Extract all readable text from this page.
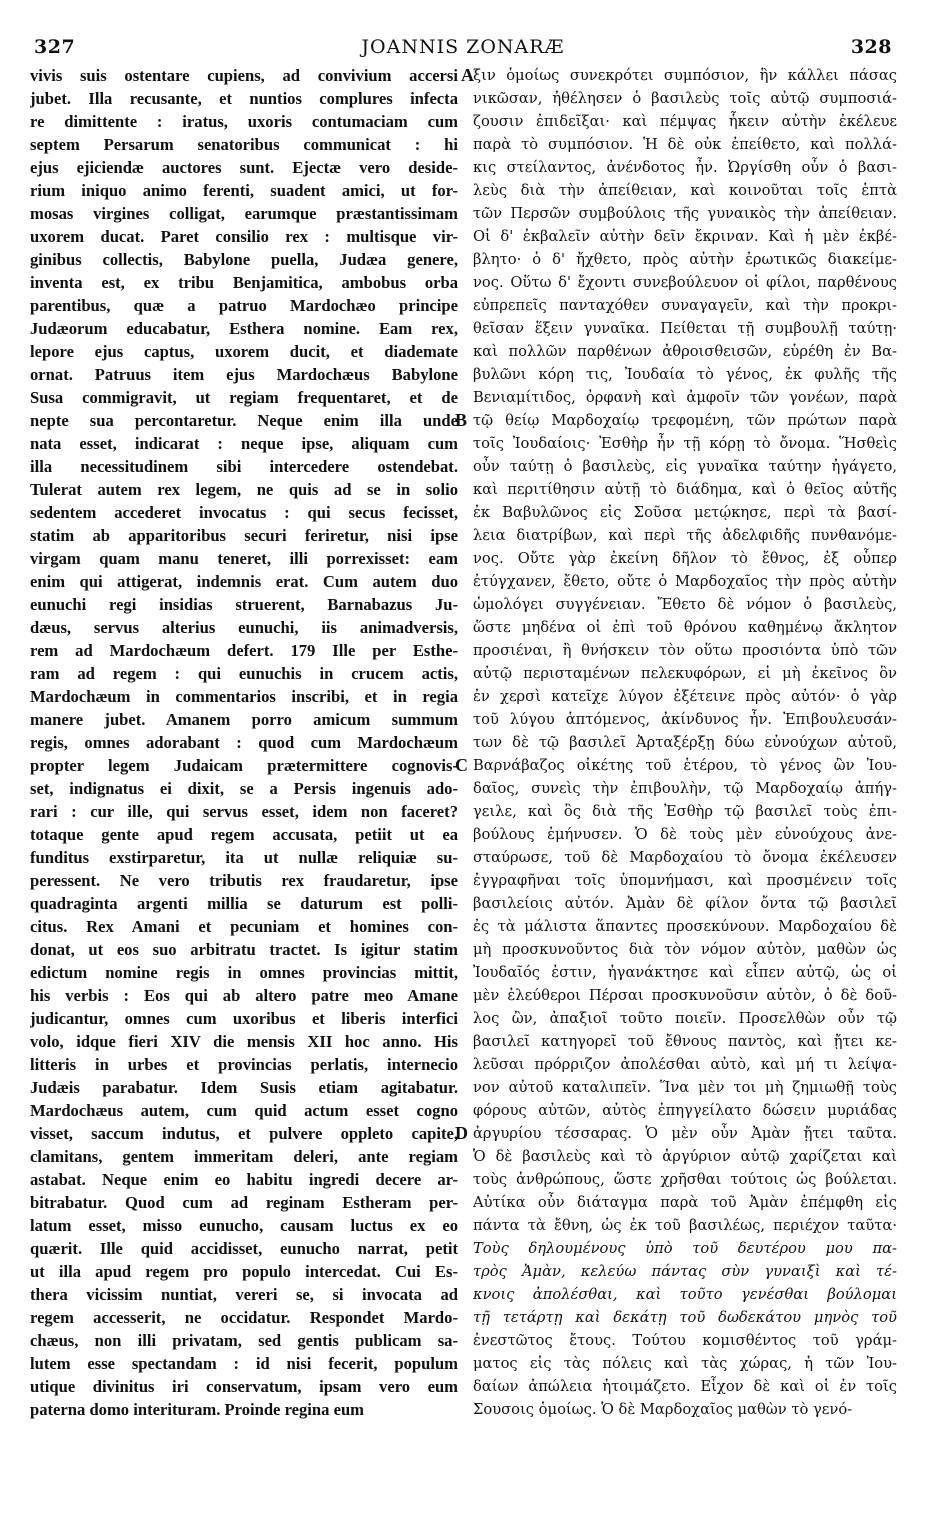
327	JOANNIS ZONARÆ	328
A
B
C
D
vivis suis ostentare cupiens, ad convivium accersi
jubet. Illa recusante, et nuntios complures infecta
re dimittente : iratus, uxoris contumaciam cum
septem Persarum senatoribus communicat : hi
ejus ejiciendæ auctores sunt. Ejectæ vero deside-
rium iniquo animo ferenti, suadent amici, ut for-
mosas virgines colligat, earumque præstantissimam
uxorem ducat. Paret consilio rex : multisque vir-
ginibus collectis, Babylone puella, Judæa genere,
inventa est, ex tribu Benjamitica, ambobus orba
parentibus, quæ a patruo Mardochæo principe
Judæorum educabatur, Esthera nomine. Eam rex,
lepore ejus captus, uxorem ducit, et diademate
ornat. Patruus item ejus Mardochæus Babylone
Susa commigravit, ut regiam frequentaret, et de
nepte sua percontaretur. Neque enim illa unde
nata esset, indicarat : neque ipse, aliquam cum
illa necessitudinem sibi intercedere ostendebat.
Tulerat autem rex legem, ne quis ad se in solio
sedentem accederet invocatus : qui secus fecisset,
statim ab apparitoribus securi feriretur, nisi ipse
virgam quam manu teneret, illi porrexisset: eam
enim qui attigerat, indemnis erat. Cum autem duo
eunuchi regi insidias struerent, Barnabazus Ju-
dæus, servus alterius eunuchi, iis animadversis,
rem ad Mardochæum defert. 179 Ille per Esthe-
ram ad regem : qui eunuchis in crucem actis,
Mardochæum in commentarios inscribi, et in regia
manere jubet. Amanem porro amicum summum
regis, omnes adorabant : quod cum Mardochæum
propter legem Judaicam prætermittere cognovis-
set, indignatus ei dixit, se a Persis ingenuis ado-
rari : cur ille, qui servus esset, idem non faceret?
totaque gente apud regem accusata, petiit ut ea
funditus exstirparetur, ita ut nullæ reliquiæ su-
peressent. Ne vero tributis rex fraudaretur, ipse
quadraginta argenti millia se daturum est polli-
citus. Rex Amani et pecuniam et homines con-
donat, ut eos suo arbitratu tractet. Is igitur statim
edictum nomine regis in omnes provincias mittit,
his verbis : Eos qui ab altero patre meo Amane
judicantur, omnes cum uxoribus et liberis interfici
volo, idque fieri XIV die mensis XII hoc anno. His
litteris in urbes et provincias perlatis, internecio
Judæis parabatur. Idem Susis etiam agitabatur.
Mardochæus autem, cum quid actum esset cogno
visset, saccum indutus, et pulvere oppleto capite,
clamitans, gentem immeritam deleri, ante regiam
astabat. Neque enim eo habitu ingredi decere ar-
bitrabatur. Quod cum ad reginam Estheram per-
latum esset, misso eunucho, causam luctus ex eo
quærit. Ille quid accidisset, eunucho narrat, petit
ut illa apud regem pro populo intercedat. Cui Es-
thera vicissim nuntiat, vereri se, si invocata ad
regem accesserit, ne occidatur. Respondet Mardo-
chæus, non illi privatam, sed gentis publicam sa-
lutem esse spectandam : id nisi fecerit, populum
utique divinitus iri conservatum, ipsam vero eum
paterna domo interituram. Proinde regina eum
ξιν ὁμοίως συνεκρότει συμπόσιον, ἣν κάλλει πάσας
νικῶσαν, ἠθέλησεν ὁ βασιλεὺς τοῖς αὐτῷ συμποσιά-
ζουσιν ἐπιδεῖξαι· καὶ πέμψας ἧκειν αὐτὴν ἐκέλευε
παρὰ τὸ συμπόσιον. Ἡ δὲ οὐκ ἐπείθετο, καὶ πολλά-
κις στείλαντος, ἀνένδοτος ἦν. Ὠργίσθη οὖν ὁ βασι-
λεὺς διὰ τὴν ἀπείθειαν, καὶ κοινοῦται τοῖς ἑπτὰ
τῶν Περσῶν συμβούλοις τῆς γυναικὸς τὴν ἀπείθειαν.
Οἱ δ' ἐκβαλεῖν αὐτὴν δεῖν ἔκριναν. Καὶ ἡ μὲν ἐκβέ-
βλητο· ὁ δ' ἤχθετο, πρὸς αὐτὴν ἐρωτικῶς διακείμε-
νος. Οὕτω δ' ἔχοντι συνεβούλευον οἱ φίλοι, παρθένους
εὐπρεπεῖς πανταχόθεν συναγαγεῖν, καὶ τὴν προκρι-
θεῖσαν ἕξειν γυναῖκα. Πείθεται τῇ συμβουλῇ ταύτῃ·
καὶ πολλῶν παρθένων ἀθροισθεισῶν, εὑρέθη ἐν Βα-
βυλῶνι κόρη τις, Ἰουδαία τὸ γένος, ἐκ φυλῆς τῆς
Βενιαμίτιδος, ὀρφανὴ καὶ ἀμφοῖν τῶν γονέων, παρὰ
τῷ θείῳ Μαρδοχαίῳ τρεφομένη, τῶν πρώτων παρὰ
τοῖς Ἰουδαίοις· Ἐσθὴρ ἦν τῇ κόρῃ τὸ ὄνομα. Ἥσθεὶς
οὖν ταύτῃ ὁ βασιλεὺς, εἰς γυναῖκα ταύτην ἠγάγετο,
καὶ περιτίθησιν αὐτῇ τὸ διάδημα, καὶ ὁ θεῖος αὐτῆς
ἐκ Βαβυλῶνος εἰς Σοῦσα μετῴκησε, περὶ τὰ βασί-
λεια διατρίβων, καὶ περὶ τῆς ἀδελφιδῆς πυνθανόμε-
νος. Οὔτε γὰρ ἐκείνη δῆλον τὸ ἔθνος, ἐξ οὗπερ
ἐτύγχανεν, ἔθετο, οὔτε ὁ Μαρδοχαῖος τὴν πρὸς αὐτὴν
ὡμολόγει συγγένειαν. Ἔθετο δὲ νόμον ὁ βασιλεὺς,
ὥστε μηδένα οἱ ἐπὶ τοῦ θρόνου καθημένῳ ἄκλητον
προσιέναι, ἢ θνήσκειν τὸν οὕτω προσιόντα ὑπὸ τῶν
αὐτῷ περισταμένων πελεκυφόρων, εἰ μὴ ἐκεῖνος ὃν
ἐν χερσὶ κατεῖχε λύγον ἐξέτεινε πρὸς αὐτόν· ὁ γὰρ
τοῦ λύγου ἁπτόμενος, ἀκίνδυνος ἦν. Ἐπιβουλευσάν-
των δὲ τῷ βασιλεῖ Ἀρταξέρξῃ δύω εὐνούχων αὐτοῦ,
Βαρνάβαζος οἰκέτης τοῦ ἑτέρου, τὸ γένος ὢν Ἰου-
δαῖος, συνεὶς τὴν ἐπιβουλὴν, τῷ Μαρδοχαίῳ ἀπήγ-
γειλε, καὶ ὃς διὰ τῆς Ἐσθὴρ τῷ βασιλεῖ τοὺς ἐπι-
βούλους ἐμήνυσεν. Ὁ δὲ τοὺς μὲν εὐνούχους ἀνε-
σταύρωσε, τοῦ δὲ Μαρδοχαίου τὸ ὄνομα ἐκέλευσεν
ἐγγραφῆναι τοῖς ὑπομνήμασι, καὶ προσμένειν τοῖς
βασιλείοις αὐτόν. Ἀμὰν δὲ φίλον ὄντα τῷ βασιλεῖ
ἐς τὰ μάλιστα ἅπαντες προσεκύνουν. Μαρδοχαίου δὲ
μὴ προσκυνοῦντος διὰ τὸν νόμον αὐτὸν, μαθὼν ὡς
Ἰουδαῖός ἐστιν, ἠγανάκτησε καὶ εἶπεν αὐτῷ, ὡς οἱ
μὲν ἐλεύθεροι Πέρσαι προσκυνοῦσιν αὐτὸν, ὁ δὲ δοῦ-
λος ὢν, ἀπαξιοῖ τοῦτο ποιεῖν. Προσελθὼν οὖν τῷ
βασιλεῖ κατηγορεῖ τοῦ ἔθνους παντὸς, καὶ ᾔτει κε-
λεῦσαι πρόρριζον ἀπολέσθαι αὐτὸ, καὶ μή τι λείψα-
νον αὐτοῦ καταλιπεῖν. Ἵνα μὲν τοι μὴ ζημιωθῇ τοὺς
φόρους αὐτῶν, αὐτὸς ἐπηγγείλατο δώσειν μυριάδας
ἀργυρίου τέσσαρας. Ὁ μὲν οὖν Ἀμὰν ᾔτει ταῦτα.
Ὁ δὲ βασιλεὺς καὶ τὸ ἀργύριον αὐτῷ χαρίζεται καὶ
τοὺς ἀνθρώπους, ὥστε χρῆσθαι τούτοις ὡς βούλεται.
Αὐτίκα οὖν διάταγμα παρὰ τοῦ Ἀμὰν ἐπέμφθη εἰς
πάντα τὰ ἔθνη, ὡς ἐκ τοῦ βασιλέως, περιέχον ταῦτα·
Τοὺς δηλουμένους ὑπὸ τοῦ δευτέρου μου πα-
τρὸς Ἀμὰν, κελεύω πάντας σὺν γυναιξὶ καὶ τέ-
κνοις ἀπολέσθαι, καὶ τοῦτο γενέσθαι βούλομαι
τῇ τετάρτῃ καὶ δεκάτῃ τοῦ δωδεκάτου μηνὸς τοῦ
ἐνεστῶτος ἔτους. Τούτου κομισθέντος τοῦ γράμ-
ματος εἰς τὰς πόλεις καὶ τὰς χώρας, ἡ τῶν Ἰου-
δαίων ἀπώλεια ἡτοιμάζετο. Εἶχον δὲ καὶ οἱ ἐν τοῖς
Σουσοις ὁμοίως. Ὁ δὲ Μαρδοχαῖος μαθὼν τὸ γενό-
